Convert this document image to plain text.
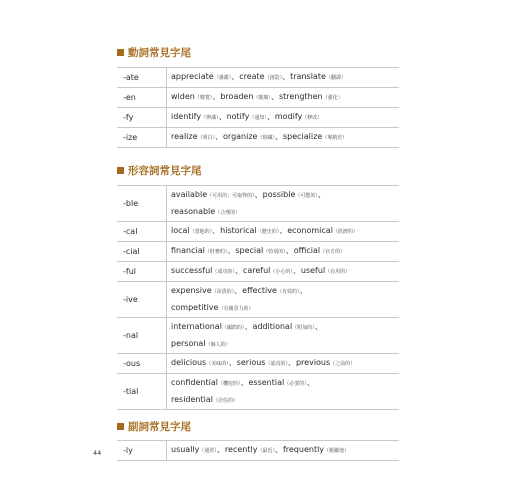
動詞常見字尾
-ate	appreciate（感謝）、create（創造）、translate（翻譯）

-en	widen（變寬）、broaden（變廣）、strengthen（強化）

-fy	identify（辨識）、notify（通知）、modify（修改）

-ize	realize（明白）、organize（組織）、specialize（專精於）
形容詞常見字尾
-ble	available（可用的；可取得的）、possible（可能的）、
reasonable（合理的）

-cal	local（當地的）、historical（歷史的）、economical（經濟的）

-cial	financial（財務的）、special（特別的）、official（官方的）

-ful	successful（成功的）、careful（小心的）、useful（有用的）

-ive	expensive（昂貴的）、effective（有效的）、
competitive（有競爭力的）

-nal	international（國際的）、additional（附加的）、
personal（個人的）

-ous	delicious（美味的）、serious（認真的）、previous（之前的）

-tial	confidential（機密的）、essential（必要的）、
residential（居住的）
副詞常見字尾
-ly	usually（通常）、recently（最近）、frequently（頻繁地）
44
